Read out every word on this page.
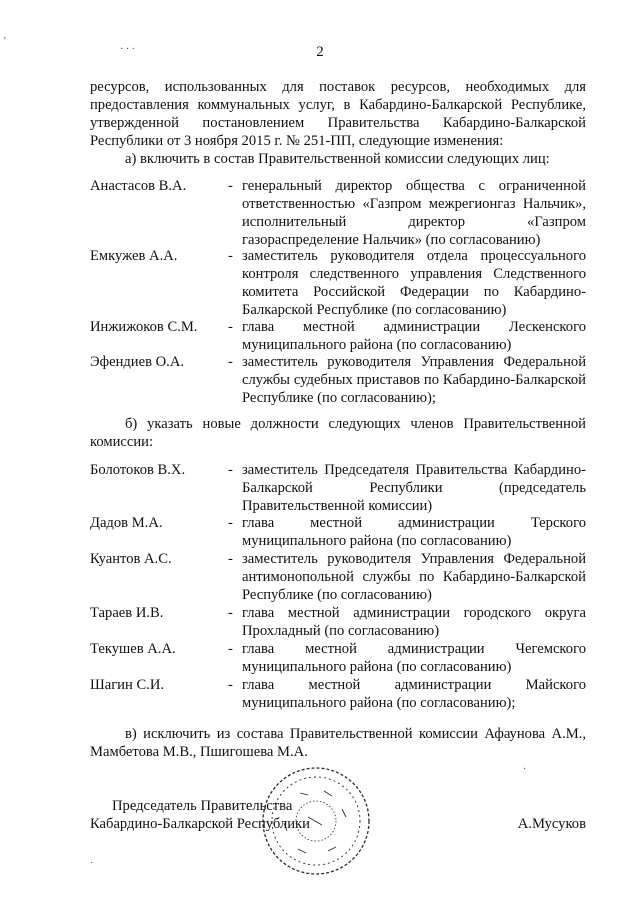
· · ·
'
2
ресурсов, использованных для поставок ресурсов, необходимых для предоставления коммунальных услуг, в Кабардино-Балкарской Республике, утвержденной постановлением Правительства Кабардино-Балкарской Республики от 3 ноября 2015 г. № 251-ПП, следующие изменения:
а) включить в состав Правительственной комиссии следующих лиц:
Анастасов В.А.	- генеральный директор общества с ограниченной ответственностью «Газпром межрегионгаз Нальчик», исполнительный директор «Газпром газораспределение Нальчик» (по согласованию)
Емкужев А.А.	- заместитель руководителя отдела процессуального контроля следственного управления Следственного комитета Российской Федерации по Кабардино-Балкарской Республике (по согласованию)
Инжижоков С.М. - глава местной администрации Лескенского муниципального района (по согласованию)
Эфендиев О.А.	- заместитель руководителя Управления Федеральной службы судебных приставов по Кабардино-Балкарской Республике (по согласованию);
б) указать новые должности следующих членов Правительственной комиссии:
Болотоков В.Х.	- заместитель Председателя Правительства Кабардино-Балкарской Республики (председатель Правительственной комиссии)
Дадов М.А.	- глава местной администрации Терского муниципального района (по согласованию)
Куантов А.С.	- заместитель руководителя Управления Федеральной антимонопольной службы по Кабардино-Балкарской Республике (по согласованию)
Тараев И.В.	- глава местной администрации городского округа Прохладный (по согласованию)
Текушев А.А.	- глава местной администрации Чегемского муниципального района (по согласованию)
Шагин С.И.	- глава местной администрации Майского муниципального района (по согласованию);
в) исключить из состава Правительственной комиссии Афаунова А.М., Мамбетова М.В., Пшигошева М.А.
Председатель Правительства
Кабардино-Балкарской Республики	А.Мусуков
·
·
